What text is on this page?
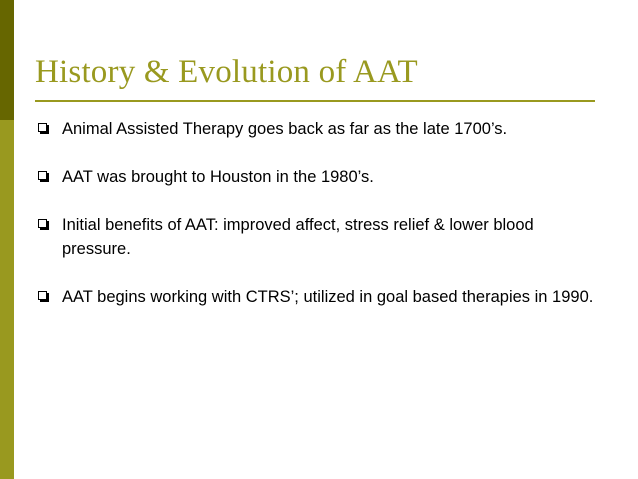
History & Evolution of AAT
Animal Assisted Therapy goes back as far as the late 1700’s.
AAT was brought to Houston in the 1980’s.
Initial benefits of AAT: improved affect, stress relief & lower blood pressure.
AAT begins working with CTRS’; utilized in goal based therapies in 1990.
